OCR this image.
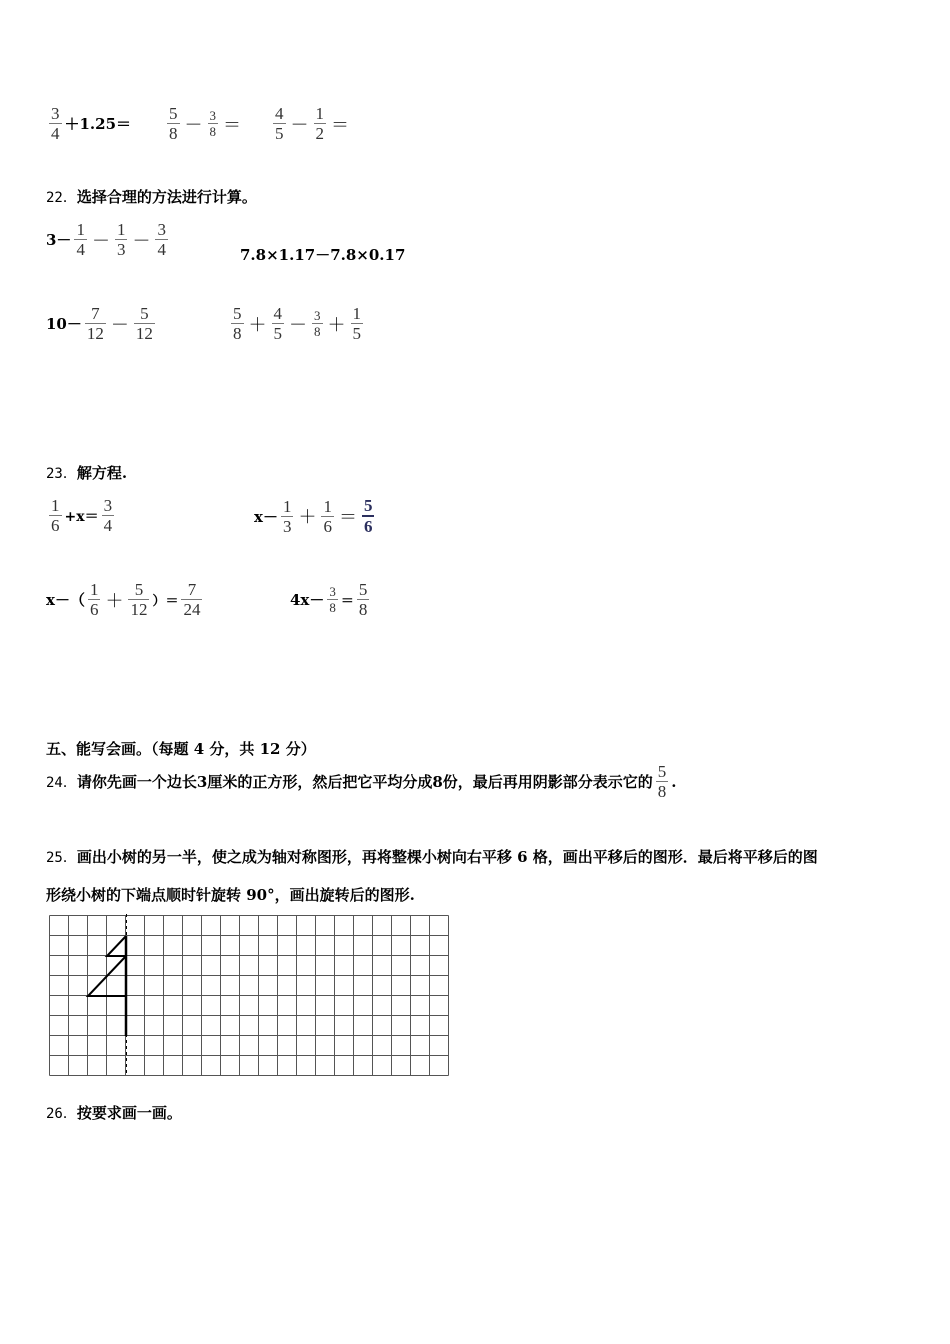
$\frac{3}{4} +1.25= \frac{5}{8} - \frac{3}{8} = \frac{4}{5} - \frac{1}{2}$ ＝
22．选择合理的方法进行计算。
$3- \frac{1}{4} - \frac{1}{3} - \frac{3}{4}$	7.8×1.17－7.8×0.17
$10- \frac{7}{12} - \frac{5}{12}$	$\frac{5}{8} + \frac{4}{5} - \frac{3}{8} + \frac{1}{5}$
23．解方程.
$\frac{1}{6} +x= \frac{3}{4}$	$x- \frac{1}{3} + \frac{1}{6} = \frac{5}{6}$
$x-( \frac{1}{6} + \frac{5}{12}$ ）＝ $\frac{7}{24}$	$4x- \frac{3}{8} = \frac{5}{8}$
五、能写会画。（每题 4 分，共 12 分）
24． 请你先画一个边长 3 厘米的正方形，然后把它平均分成 8 份，最后再用阴影部分表示它的 $\frac{5}{8}$ .
25．画出小树的另一半，使之成为轴对称图形，再将整棵小树向右平移 6 格，画出平移后的图形．最后将平移后的图
形绕小树的下端点顺时针旋转 90°，画出旋转后的图形.
26．按要求画一画。
